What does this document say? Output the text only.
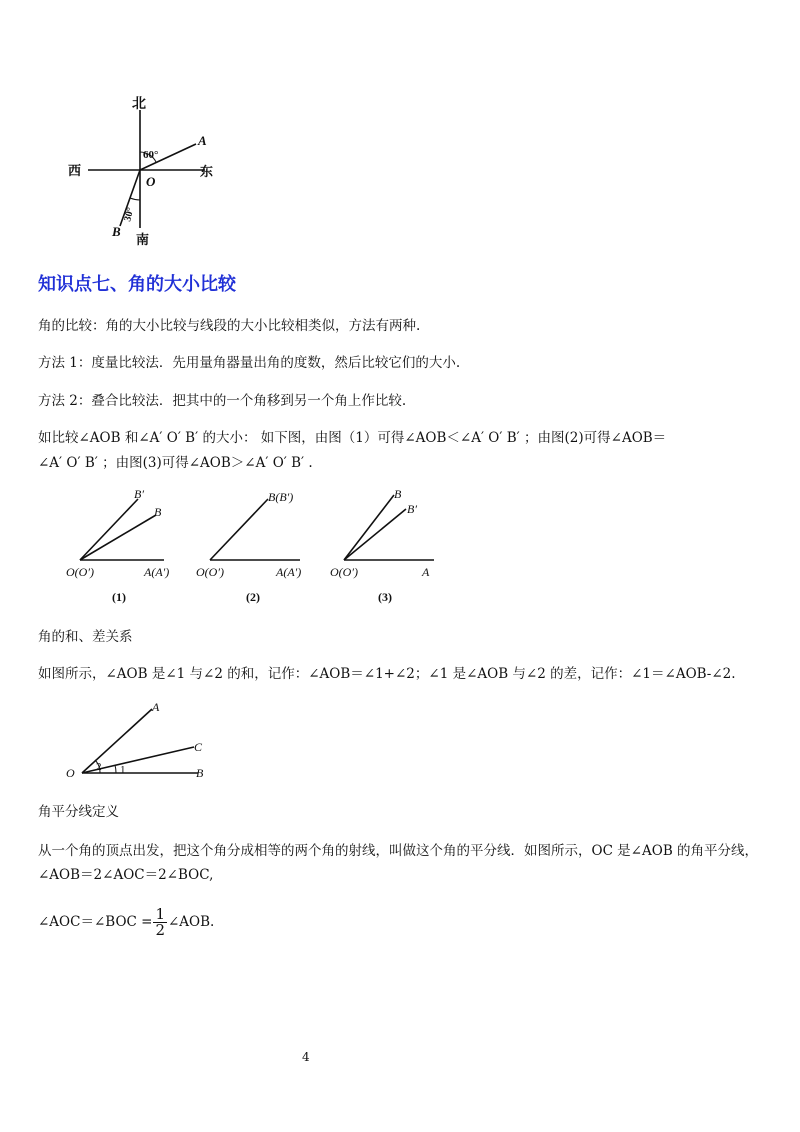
北
南
西	东
O
A
B
60°
30°
知识点七、角的大小比较
角的比较：角的大小比较与线段的大小比较相类似，方法有两种.
方法 1：度量比较法．先用量角器量出角的度数，然后比较它们的大小.
方法 2：叠合比较法．把其中的一个角移到另一个角上作比较.
如比较∠AOB 和∠A′ O′ B′ 的大小： 如下图，由图（1）可得∠AOB＜∠A′ O′ B′ ；由图(2)可得∠AOB＝
∠A′ O′ B′ ；由图(3)可得∠AOB＞∠A′ O′ B′ .
B′
B
O(O′)	A(A′)
(1)
B(B′)
O(O′)	A(A′)
(2)
B
B′
O(O′)	A
(3)
角的和、差关系
如图所示，∠AOB 是∠1 与∠2 的和，记作：∠AOB＝∠1+∠2；∠1 是∠AOB 与∠2 的差，记作：∠1＝∠AOB-∠2.
O
A
C
B
2 1
角平分线定义
从一个角的顶点出发，把这个角分成相等的两个角的射线，叫做这个角的平分线．如图所示，OC 是∠AOB 的角平分线，
∠AOB＝2∠AOC＝2∠BOC,
∠AOC＝∠BOC = $\frac{1}{2}$ ∠AOB.
4
